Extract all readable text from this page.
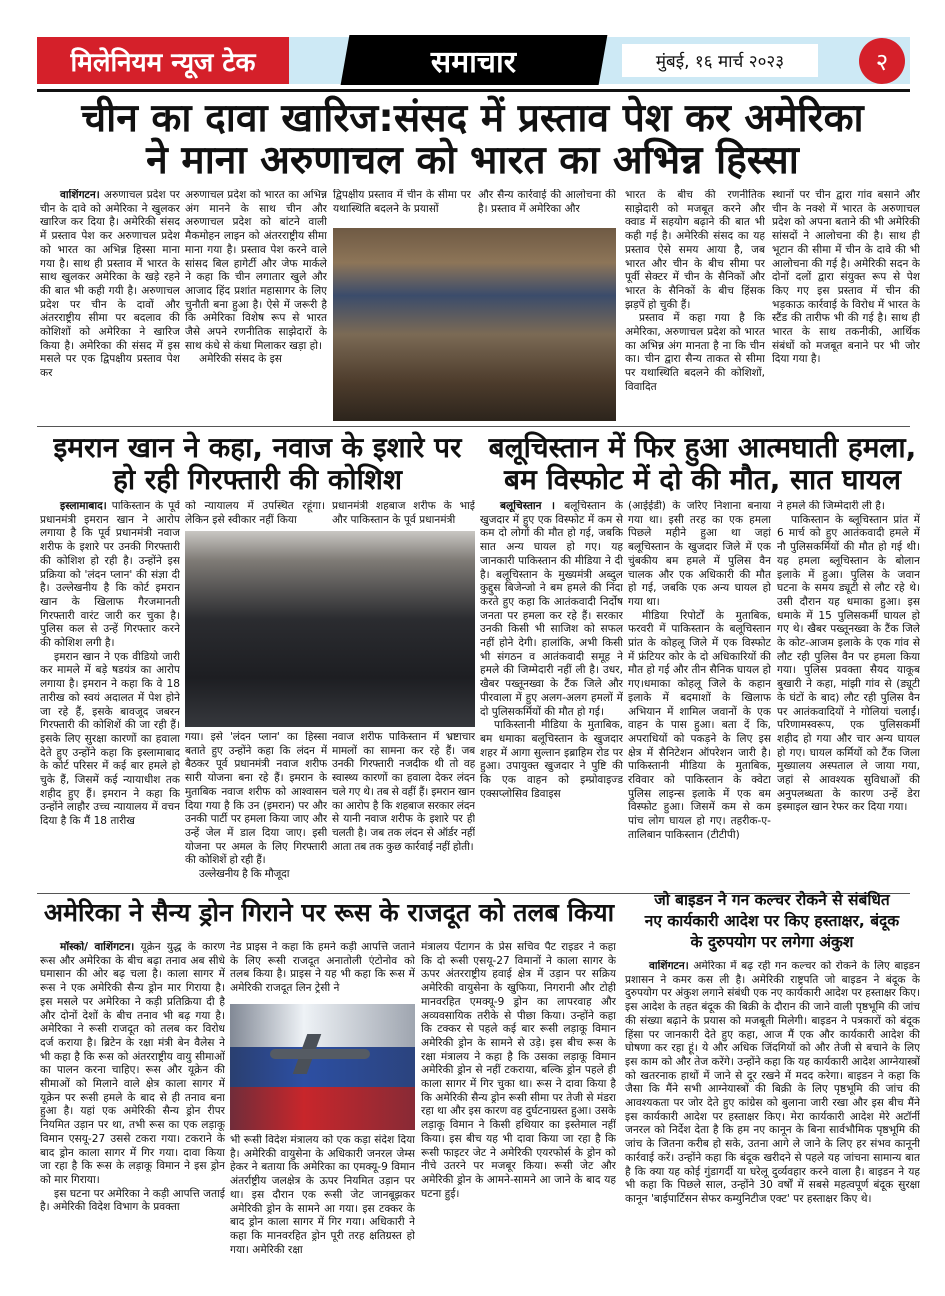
मिलेनियम न्यूज टेक	समाचार	मुंबई, १६ मार्च २०२३	२
चीन का दावा खारिज:संसद में प्रस्ताव पेश कर अमेरिका
ने माना अरुणाचल को भारत का अभिन्न हिस्सा

वाशिंगटन। अरुणाचल प्रदेश पर चीन के दावे को अमेरिका ने खुलकर खारिज कर दिया है। अमेरिकी संसद में प्रस्ताव पेश कर अरुणाचल प्रदेश को भारत का अभिन्न हिस्सा माना गया है। साथ ही प्रस्ताव में भारत के साथ खुलकर अमेरिका के खड़े रहने की बात भी कही गयी है। अरुणाचल प्रदेश पर चीन के दावों और अंतरराष्ट्रीय सीमा पर बदलाव की कोशिशों को अमेरिका ने खारिज किया है। अमेरिका की संसद में इस मसले पर एक द्विपक्षीय प्रस्ताव पेश कर

अरुणाचल प्रदेश को भारत का अभिन्न अंग मानने के साथ चीन और अरुणाचल प्रदेश को बांटने वाली मैकमोहन लाइन को अंतरराष्ट्रीय सीमा माना गया है। प्रस्ताव पेश करने वाले सांसद बिल हागेर्टी और जेफ मार्कले ने कहा कि चीन लगातार खुले और आजाद हिंद प्रशांत महासागर के लिए चुनौती बना हुआ है। ऐसे में जरूरी है कि अमेरिका विशेष रूप से भारत जैसे अपने रणनीतिक साझेदारों के साथ कंधे से कंधा मिलाकर खड़ा हो।

अमेरिकी संसद के इस

द्विपक्षीय प्रस्ताव में चीन के सीमा पर यथास्थिति बदलने के प्रयासों
और सैन्य कार्रवाई की आलोचना की है। प्रस्ताव में अमेरिका और

भारत के बीच की रणनीतिक साझेदारी को मजबूत करने और क्वाड में सहयोग बढ़ाने की बात भी कही गई है। अमेरिकी संसद का यह प्रस्ताव ऐसे समय आया है, जब भारत और चीन के बीच सीमा पर पूर्वी सेक्टर में चीन के सैनिकों और भारत के सैनिकों के बीच हिंसक झड़पें हो चुकी हैं।

प्रस्ताव में कहा गया है कि अमेरिका, अरुणाचल प्रदेश को भारत का अभिन्न अंग मानता है ना कि चीन का। चीन द्वारा सैन्य ताकत से सीमा पर यथास्थिति बदलने की कोशिशों, विवादित

स्थानों पर चीन द्वारा गांव बसाने और चीन के नक्शे में भारत के अरुणाचल प्रदेश को अपना बताने की भी अमेरिकी सांसदों ने आलोचना की है। साथ ही भूटान की सीमा में चीन के दावे की भी आलोचना की गई है। अमेरिकी सदन के दोनों दलों द्वारा संयुक्त रूप से पेश किए गए इस प्रस्ताव में चीन की भड़काऊ कार्रवाई के विरोध में भारत के स्टैंड की तारीफ भी की गई है। साथ ही भारत के साथ तकनीकी, आर्थिक संबंधों को मजबूत बनाने पर भी जोर दिया गया है।
इमरान खान ने कहा, नवाज के इशारे पर
हो रही गिरफ्तारी की कोशिश

इस्लामाबाद। पाकिस्तान के पूर्व प्रधानमंत्री इमरान खान ने आरोप लगाया है कि पूर्व प्रधानमंत्री नवाज शरीफ के इशारे पर उनकी गिरफ्तारी की कोशिश हो रही है। उन्होंने इस प्रक्रिया को 'लंदन प्लान' की संज्ञा दी है। उल्लेखनीय है कि कोर्ट इमरान खान के खिलाफ गैरजमानती गिरफ्तारी वारंट जारी कर चुका है। पुलिस कल से उन्हें गिरफ्तार करने की कोशिश लगी है।

इमरान खान ने एक वीडियो जारी कर मामले में बड़े षडयंत्र का आरोप लगाया है। इमरान ने कहा कि वे 18 तारीख को स्वयं अदालत में पेश होने जा रहे हैं, इसके बावजूद जबरन गिरफ्तारी की कोशिशें की जा रही हैं। इसके लिए सुरक्षा कारणों का हवाला देते हुए उन्होंने कहा कि इस्लामाबाद के कोर्ट परिसर में कई बार हमले हो चुके हैं, जिसमें कई न्यायाधीश तक शहीद हुए हैं। इमरान ने कहा कि उन्होंने लाहौर उच्च न्यायालय में वचन दिया है कि मैं 18 तारीख

को न्यायालय में उपस्थित रहूंगा। लेकिन इसे स्वीकार नहीं किया
प्रधानमंत्री शहबाज शरीफ के भाई और पाकिस्तान के पूर्व प्रधानमंत्री

गया। इसे 'लंदन प्लान' का हिस्सा बताते हुए उन्होंने कहा कि लंदन में बैठकर पूर्व प्रधानमंत्री नवाज शरीफ सारी योजना बना रहे हैं। इमरान के मुताबिक नवाज शरीफ को आश्वासन दिया गया है कि उन (इमरान) पर और उनकी पार्टी पर हमला किया जाए और उन्हें जेल में डाल दिया जाए। इसी योजना पर अमल के लिए गिरफ्तारी की कोशिशें हो रही हैं।

उल्लेखनीय है कि मौजूदा

नवाज शरीफ पाकिस्तान में भ्रष्टाचार मामलों का सामना कर रहे हैं। जब उनकी गिरफ्तारी नजदीक थी तो वह स्वास्थ्य कारणों का हवाला देकर लंदन चले गए थे। तब से वहीं हैं। इमरान खान का आरोप है कि शहबाज सरकार लंदन से यानी नवाज शरीफ के इशारे पर ही चलती है। जब तक लंदन से ऑर्डर नहीं आता तब तक कुछ कार्रवाई नहीं होती।
बलूचिस्तान में फिर हुआ आत्मघाती हमला,
बम विस्फोट में दो की मौत, सात घायल

बलूचिस्तान । बलूचिस्तान के खुजदार में हुए एक विस्फोट में कम से कम दो लोगों की मौत हो गई, जबकि सात अन्य घायल हो गए। यह जानकारी पाकिस्तान की मीडिया ने दी है। बलूचिस्तान के मुख्यमंत्री अब्दुल कुद्दुस बिजेन्जो ने बम हमले की निंदा करते हुए कहा कि आतंकवादी निर्दोष जनता पर हमला कर रहे हैं। सरकार उनकी किसी भी साजिश को सफल नहीं होने देगी। हालांकि, अभी किसी भी संगठन व आतंकवादी समूह ने हमले की जिम्मेदारी नहीं ली है। उधर, खैबर पख्तूनख्वा के टैंक जिले और पीरवाला में हुए अलग-अलग हमलों में दो पुलिसकर्मियों की मौत हो गई।

पाकिस्तानी मीडिया के मुताबिक, बम धमाका बलूचिस्तान के खुजदार शहर में आगा सुल्तान इब्राहिम रोड पर हुआ। उपायुक्त खुजदार ने पुष्टि की कि एक वाहन को इम्प्रोवाइज्ड एक्सप्लोसिव डिवाइस

(आईईडी) के जरिए निशाना बनाया गया था। इसी तरह का एक हमला पिछले महीने हुआ था जहां बलूचिस्तान के खुजदार जिले में एक चुंबकीय बम हमले में पुलिस वैन चालक और एक अधिकारी की मौत हो गई, जबकि एक अन्य घायल हो गया था।

मीडिया रिपोर्टों के मुताबिक, फरवरी में पाकिस्तान के बलूचिस्तान प्रांत के कोहलू जिले में एक विस्फोट में फ्रंटियर कोर के दो अधिकारियों की मौत हो गई और तीन सैनिक घायल हो गए।धमाका कोहलू जिले के कहान इलाके में बदमाशों के खिलाफ अभियान में शामिल जवानों के एक वाहन के पास हुआ। बता दें कि, अपराधियों को पकड़ने के लिए इस क्षेत्र में सैनिटेशन ऑपरेशन जारी है। पाकिस्तानी मीडिया के मुताबिक, रविवार को पाकिस्तान के क्वेटा पुलिस लाइन्स इलाके में एक बम विस्फोट हुआ। जिसमें कम से कम पांच लोग घायल हो गए। तहरीक-ए-तालिबान पाकिस्तान (टीटीपी)

ने हमले की जिम्मेदारी ली है।

पाकिस्तान के ब्लूचिस्तान प्रांत में 6 मार्च को हुए आतंकवादी हमले में नौ पुलिसकर्मियों की मौत हो गई थी। यह हमला ब्लूचिस्तान के बोलान इलाके में हुआ। पुलिस के जवान घटना के समय ड्यूटी से लौट रहे थे। उसी दौरान यह धमाका हुआ। इस धमाके में 15 पुलिसकर्मी घायल हो गए थे। खैबर पख्तूनख्वा के टैंक जिले के कोट-आजम इलाके के एक गांव से लौट रही पुलिस वैन पर हमला किया गया। पुलिस प्रवक्ता सैयद याकूब बुखारी ने कहा, मांझी गांव से (ड्यूटी के घंटों के बाद) लौट रही पुलिस वैन पर आतंकवादियों ने गोलियां चलाईं। परिणामस्वरूप, एक पुलिसकर्मी शहीद हो गया और चार अन्य घायल हो गए। घायल कर्मियों को टैंक जिला मुख्यालय अस्पताल ले जाया गया, जहां से आवश्यक सुविधाओं की अनुपलब्धता के कारण उन्हें डेरा इस्माइल खान रेफर कर दिया गया।

अमेरिका ने सैन्य ड्रोन गिराने पर रूस के राजदूत को तलब किया

मॉस्को/ वाशिंगटन। यूक्रेन युद्ध के कारण रूस और अमेरिका के बीच बढ़ा तनाव अब सीधे घमासान की ओर बढ़ चला है। काला सागर में रूस ने एक अमेरिकी सैन्य ड्रोन मार गिराया है। इस मसले पर अमेरिका ने कड़ी प्रतिक्रिया दी है और दोनों देशों के बीच तनाव भी बढ़ गया है। अमेरिका ने रूसी राजदूत को तलब कर विरोध दर्ज कराया है। ब्रिटेन के रक्षा मंत्री बेन वैलेस ने भी कहा है कि रूस को अंतरराष्ट्रीय वायु सीमाओं का पालन करना चाहिए। रूस और यूक्रेन की सीमाओं को मिलाने वाले क्षेत्र काला सागर में यूक्रेन पर रूसी हमले के बाद से ही तनाव बना हुआ है। यहां एक अमेरिकी सैन्य ड्रोन रीपर नियमित उड़ान पर था, तभी रूस का एक लड़ाकू विमान एसयू-27 उससे टकरा गया। टकराने के बाद ड्रोन काला सागर में गिर गया। दावा किया जा रहा है कि रूस के लड़ाकू विमान ने इस ड्रोन को मार गिराया।

इस घटना पर अमेरिका ने कड़ी आपत्ति जताई है। अमेरिकी विदेश विभाग के प्रवक्ता

नेड प्राइस ने कहा कि हमने कड़ी आपत्ति जताने के लिए रूसी राजदूत अनातोली एंटोनोव को तलब किया है। प्राइस ने यह भी कहा कि रूस में अमेरिकी राजदूत लिन ट्रेसी ने
भी रूसी विदेश मंत्रालय को एक कड़ा संदेश दिया है। अमेरिकी वायुसेना के अधिकारी जनरल जेम्स हेकर ने बताया कि अमेरिका का एमक्यू-9 विमान अंतर्राष्ट्रीय जलक्षेत्र के ऊपर नियमित उड़ान पर था। इस दौरान एक रूसी जेट जानबूझकर अमेरिकी ड्रोन के सामने आ गया। इस टक्कर के बाद ड्रोन काला सागर में गिर गया। अधिकारी ने कहा कि मानवरहित ड्रोन पूरी तरह क्षतिग्रस्त हो गया। अमेरिकी रक्षा
मंत्रालय पेंटागन के प्रेस सचिव पैट राइडर ने कहा कि दो रूसी एसयू-27 विमानों ने काला सागर के ऊपर अंतरराष्ट्रीय हवाई क्षेत्र में उड़ान पर सक्रिय अमेरिकी वायुसेना के खुफिया, निगरानी और टोही मानवरहित एमक्यू-9 ड्रोन का लापरवाह और अव्यवसायिक तरीके से पीछा किया। उन्होंने कहा कि टक्कर से पहले कई बार रूसी लड़ाकू विमान अमेरिकी ड्रोन के सामने से उड़े। इस बीच रूस के रक्षा मंत्रालय ने कहा है कि उसका लड़ाकू विमान अमेरिकी ड्रोन से नहीं टकराया, बल्कि ड्रोन पहले ही काला सागर में गिर चुका था। रूस ने दावा किया है कि अमेरिकी सैन्य ड्रोन रूसी सीमा पर तेजी से मंडरा रहा था और इस कारण वह दुर्घटनाग्रस्त हुआ। उसके लड़ाकू विमान ने किसी हथियार का इस्तेमाल नहीं किया। इस बीच यह भी दावा किया जा रहा है कि रूसी फाइटर जेट ने अमेरिकी एयरफोर्स के ड्रोन को नीचे उतरने पर मजबूर किया। रूसी जेट और अमेरिकी ड्रोन के आमने-सामने आ जाने के बाद यह घटना हुई।
जो बाइडन ने गन कल्चर रोकने से संबंधित
नए कार्यकारी आदेश पर किए हस्ताक्षर, बंदूक
के दुरुपयोग पर लगेगा अंकुश

वाशिंगटन। अमेरिका में बढ़ रही गन कल्चर को रोकने के लिए बाइडन प्रशासन ने कमर कस ली है। अमेरिकी राष्ट्रपति जो बाइडन ने बंदूक के दुरुपयोग पर अंकुश लगाने संबंधी एक नए कार्यकारी आदेश पर हस्ताक्षर किए। इस आदेश के तहत बंदूक की बिक्री के दौरान की जाने वाली पृष्ठभूमि की जांच की संख्या बढ़ाने के प्रयास को मजबूती मिलेगी। बाइडन ने पत्रकारों को बंदूक हिंसा पर जानकारी देते हुए कहा, आज मैं एक और कार्यकारी आदेश की घोषणा कर रहा हूं। ये और अधिक जिंदगियों को और तेजी से बचाने के लिए इस काम को और तेज करेंगे। उन्होंने कहा कि यह कार्यकारी आदेश आग्नेयास्त्रों को खतरनाक हाथों में जाने से दूर रखने में मदद करेगा। बाइडन ने कहा कि जैसा कि मैंने सभी आग्नेयास्त्रों की बिक्री के लिए पृष्ठभूमि की जांच की आवश्यकता पर जोर देते हुए कांग्रेस को बुलाना जारी रखा और इस बीच मैंने इस कार्यकारी आदेश पर हस्ताक्षर किए। मेरा कार्यकारी आदेश मेरे अटॉर्नी जनरल को निर्देश देता है कि हम नए कानून के बिना सार्वभौमिक पृष्ठभूमि की जांच के जितना करीब हो सके, उतना आगे ले जाने के लिए हर संभव कानूनी कार्रवाई करें। उन्होंने कहा कि बंदूक खरीदने से पहले यह जांचना सामान्य बात है कि क्या यह कोई गुंडागर्दी या घरेलू दुर्व्यवहार करने वाला है। बाइडन ने यह भी कहा कि पिछले साल, उन्होंने 30 वर्षों में सबसे महत्वपूर्ण बंदूक सुरक्षा कानून 'बाईपार्टिसन सेफर कम्युनिटीज एक्ट' पर हस्ताक्षर किए थे।
